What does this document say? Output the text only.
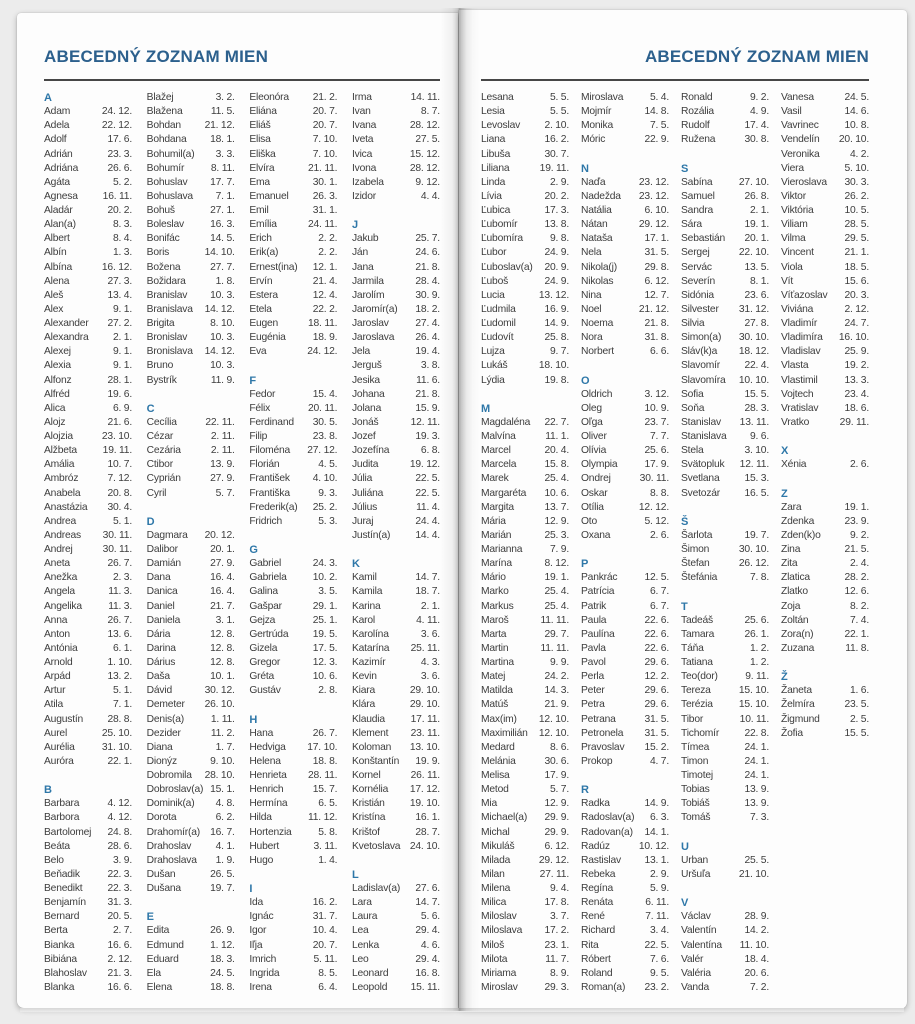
ABECEDNÝ ZOZNAM MIEN
A
Adam	24. 12.
Adela	22. 12.
Adolf	17. 6.
Adrián	23. 3.
Adriána	26. 6.
Agáta	5. 2.
Agnesa 16. 11.
Aladár	20. 2.
Alan(a)	8. 3.
Albert	8. 4.
Albín	1. 3.
Albína	16. 12.
Alena	27. 3.
Aleš	13. 4.
Alex	9. 1.
Alexander 27. 2.
Alexandra 2. 1.
Alexej	9. 1.
Alexia	9. 1.
Alfonz	28. 1.
Alfréd	19. 6.
Alica	6. 9.
Alojz	21. 6.
Alojzia	23. 10.
Alžbeta 19. 11.
Amália	10. 7.
Ambróz	7. 12.
Anabela	20. 8.
Anastázia 30. 4.
Andrea	5. 1.
Andreas 30. 11.
Andrej	30. 11.
Aneta	26. 7.
Anežka	2. 3.
Angela	11. 3.
Angelika	11. 3.
Anna	26. 7.
Anton	13. 6.
Antónia	6. 1.
Arnold	1. 10.
Arpád	13. 2.
Artur	5. 1.
Atila	7. 1.
Augustín 28. 8.
Aurel	25. 10.
Aurélia	31. 10.
Auróra	22. 1.
B
Barbara	4. 12.
Barbora	4. 12.
Bartolomej 24. 8.
Beáta	28. 6.
Belo	3. 9.
Beňadik	22. 3.
Benedikt 22. 3.
Benjamín 31. 3.
Bernard	20. 5.
Berta	2. 7.
Bianka	16. 6.
Bibiána	2. 12.
Blahoslav 21. 3.
Blanka	16. 6.
Blažej	3. 2.
Blažena	11. 5.
Bohdan 21. 12.
Bohdana 18. 1.
Bohumil(a) 3. 3.
Bohumír	8. 11.
Bohuslav 17. 7.
Bohuslava 7. 1.
Bohuš	27. 1.
Boleslav	16. 3.
Bonifác	14. 5.
Boris	14. 10.
Božena	27. 7.
Božidara	1. 8.
Branislav 10. 3.
Branislava 14. 12.
Brigita	8. 10.
Bronislav 10. 3.
Bronislava 14. 12.
Bruno	10. 3.
Bystrík	11. 9.
C
Cecília	22. 11.
Cézar	2. 11.
Cezária	2. 11.
Ctibor	13. 9.
Cyprián	27. 9.
Cyril	5. 7.
D
Dagmara 20. 12.
Dalibor	20. 1.
Damián	27. 9.
Dana	16. 4.
Danica	16. 4.
Daniel	21. 7.
Daniela	3. 1.
Dária	12. 8.
Darina	12. 8.
Dárius	12. 8.
Daša	10. 1.
Dávid	30. 12.
Demeter 26. 10.
Denis(a)	1. 11.
Dezider	11. 2.
Diana	1. 7.
Dionýz	9. 10.
Dobromila 28. 10.
Dobroslav(a) 15. 1.
Dominik(a) 4. 8.
Dorota	6. 2.
Drahomír(a) 16. 7.
Drahoslav 4. 1.
Drahoslava 1. 9.
Dušan	26. 5.
Dušana	19. 7.
E
Edita	26. 9.
Edmund	1. 12.
Eduard	18. 3.
Ela	24. 5.
Elena	18. 8.
Eleonóra 21. 2.
Eliána	20. 7.
Eliáš	20. 7.
Elisa	7. 10.
Eliška	7. 10.
Elvíra	21. 11.
Ema	30. 1.
Emanuel 26. 3.
Emil	31. 1.
Emília	24. 11.
Erich	2. 2.
Erik(a)	2. 2.
Ernest(ina) 12. 1.
Ervín	21. 4.
Estera	12. 4.
Etela	22. 2.
Eugen	18. 11.
Eugénia	18. 9.
Eva	24. 12.
F
Fedor	15. 4.
Félix	20. 11.
Ferdinand 30. 5.
Filip	23. 8.
Filoména 27. 12.
Florián	4. 5.
František 4. 10.
Františka	9. 3.
Frederik(a) 25. 2.
Fridrich	5. 3.
G
Gabriel	24. 3.
Gabriela	10. 2.
Galina	3. 5.
Gašpar	29. 1.
Gejza	25. 1.
Gertrúda 19. 5.
Gizela	17. 5.
Gregor	12. 3.
Gréta	10. 6.
Gustáv	2. 8.
H
Hana	26. 7.
Hedviga 17. 10.
Helena	18. 8.
Henrieta 28. 11.
Henrich	15. 7.
Hermína	6. 5.
Hilda	11. 12.
Hortenzia	5. 8.
Hubert	3. 11.
Hugo	1. 4.
I
Ida	16. 2.
Ignác	31. 7.
Igor	10. 4.
Iľja	20. 7.
Imrich	5. 11.
Ingrida	8. 5.
Irena	6. 4.
Irma	14. 11.
Ivan	8. 7.
Ivana	28. 12.
Iveta	27. 5.
Ivica	15. 12.
Ivona	28. 12.
Izabela	9. 12.
Izidor	4. 4.
J
Jakub	25. 7.
Ján	24. 6.
Jana	21. 8.
Jarmila	28. 4.
Jarolím	30. 9.
Jaromír(a) 18. 2.
Jaroslav	27. 4.
Jaroslava 26. 4.
Jela	19. 4.
Jerguš	3. 8.
Jesika	11. 6.
Johana	21. 8.
Jolana	15. 9.
Jonáš	12. 11.
Jozef	19. 3.
Jozefína	6. 8.
Judita	19. 12.
Júlia	22. 5.
Juliána	22. 5.
Július	11. 4.
Juraj	24. 4.
Justín(a) 14. 4.
K
Kamil	14. 7.
Kamila	18. 7.
Karina	2. 1.
Karol	4. 11.
Karolína	3. 6.
Katarína 25. 11.
Kazimír	4. 3.
Kevin	3. 6.
Kiara	29. 10.
Klára	29. 10.
Klaudia 17. 11.
Klement 23. 11.
Koloman 13. 10.
Konštantín 19. 9.
Kornel	26. 11.
Kornélia 17. 12.
Kristián 19. 10.
Kristína	16. 1.
Krištof	28. 7.
Kvetoslava 24. 10.
L
Ladislav(a) 27. 6.
Lara	14. 7.
Laura	5. 6.
Lea	29. 4.
Lenka	4. 6.
Leo	29. 4.
Leonard	16. 8.
Leopold 15. 11.
ABECEDNÝ ZOZNAM MIEN
Lesana	5. 5.
Lesia	5. 5.
Levoslav 2. 10.
Liana	16. 2.
Libuša	30. 7.
Liliana	19. 11.
Linda	2. 9.
Lívia	20. 2.
Ľubica	17. 3.
Ľubomír	13. 8.
Ľubomíra	9. 8.
Ľubor	24. 9.
Ľuboslav(a) 20. 9.
Ľuboš	24. 9.
Lucia	13. 12.
Ľudmila	16. 9.
Ľudomil	14. 9.
Ľudovít	25. 8.
Lujza	9. 7.
Lukáš	18. 10.
Lýdia	19. 8.
M
Magdaléna 22. 7.
Malvína	11. 1.
Marcel	20. 4.
Marcela	15. 8.
Marek	25. 4.
Margaréta 10. 6.
Margita	13. 7.
Mária	12. 9.
Marián	25. 3.
Marianna	7. 9.
Marína	8. 12.
Mário	19. 1.
Marko	25. 4.
Markus	25. 4.
Maroš	11. 11.
Marta	29. 7.
Martin	11. 11.
Martina	9. 9.
Matej	24. 2.
Matilda	14. 3.
Matúš	21. 9.
Max(im) 12. 10.
Maximilián 12. 10.
Medard	8. 6.
Melánia	30. 6.
Melisa	17. 9.
Metod	5. 7.
Mia	12. 9.
Michael(a) 29. 9.
Michal	29. 9.
Mikuláš	6. 12.
Milada	29. 12.
Milan	27. 11.
Milena	9. 4.
Milica	17. 8.
Miloslav	3. 7.
Miloslava 17. 2.
Miloš	23. 1.
Milota	11. 7.
Miriama	8. 9.
Miroslav	29. 3.
Miroslava	5. 4.
Mojmír	14. 8.
Monika	7. 5.
Móric	22. 9.
N
Naďa	23. 12.
Nadežda 23. 12.
Natália	6. 10.
Nátan	29. 12.
Nataša	17. 1.
Nela	31. 5.
Nikola(j)	29. 8.
Nikolas	6. 12.
Nina	12. 7.
Noel	21. 12.
Noema	21. 8.
Nora	31. 8.
Norbert	6. 6.
O
Oldrich	3. 12.
Oleg	10. 9.
Oľga	23. 7.
Oliver	7. 7.
Olívia	25. 6.
Olympia	17. 9.
Ondrej	30. 11.
Oskar	8. 8.
Otília	12. 12.
Oto	5. 12.
Oxana	2. 6.
P
Pankrác	12. 5.
Patrícia	6. 7.
Patrik	6. 7.
Paula	22. 6.
Paulína	22. 6.
Pavla	22. 6.
Pavol	29. 6.
Perla	12. 2.
Peter	29. 6.
Petra	29. 6.
Petrana	31. 5.
Petronela 31. 5.
Pravoslav 15. 2.
Prokop	4. 7.
R
Radka	14. 9.
Radoslav(a) 6. 3.
Radovan(a) 14. 1.
Radúz	10. 12.
Rastislav 13. 1.
Rebeka	2. 9.
Regína	5. 9.
Renáta	6. 11.
René	7. 11.
Richard	3. 4.
Rita	22. 5.
Róbert	7. 6.
Roland	9. 5.
Roman(a) 23. 2.
Ronald	9. 2.
Rozália	4. 9.
Rudolf	17. 4.
Ružena	30. 8.
S
Sabína	27. 10.
Samuel	26. 8.
Sandra	2. 1.
Sára	19. 1.
Sebastián 20. 1.
Sergej	22. 10.
Servác	13. 5.
Severín	8. 1.
Sidónia	23. 6.
Silvester 31. 12.
Silvia	27. 8.
Simon(a) 30. 10.
Sláv(k)a 18. 12.
Slavomír 22. 4.
Slavomíra 10. 10.
Sofia	15. 5.
Soňa	28. 3.
Stanislav 13. 11.
Stanislava 9. 6.
Stela	3. 10.
Svätopluk 12. 11.
Svetlana 15. 3.
Svetozár 16. 5.
Š
Šarlota	19. 7.
Šimon	30. 10.
Štefan	26. 12.
Štefánia	7. 8.
T
Tadeáš	25. 6.
Tamara	26. 1.
Táňa	1. 2.
Tatiana	1. 2.
Teo(dor)	9. 11.
Tereza	15. 10.
Terézia	15. 10.
Tibor	10. 11.
Tichomír 22. 8.
Tímea	24. 1.
Timon	24. 1.
Timotej	24. 1.
Tobias	13. 9.
Tobiáš	13. 9.
Tomáš	7. 3.
U
Urban	25. 5.
Uršuľa	21. 10.
V
Václav	28. 9.
Valentín	14. 2.
Valentína 11. 10.
Valér	18. 4.
Valéria	20. 6.
Vanda	7. 2.
Vanesa	24. 5.
Vasil	14. 6.
Vavrinec 10. 8.
Vendelín 20. 10.
Veronika	4. 2.
Viera	5. 10.
Vieroslava 30. 3.
Viktor	26. 2.
Viktória	10. 5.
Viliam	28. 5.
Vilma	29. 5.
Vincent	21. 1.
Viola	18. 5.
Vít	15. 6.
Víťazoslav 20. 3.
Viviána	2. 12.
Vladimír	24. 7.
Vladimíra 16. 10.
Vladislav 25. 9.
Vlasta	19. 2.
Vlastimil	13. 3.
Vojtech	23. 4.
Vratislav	18. 6.
Vratko	29. 11.
X
Xénia	2. 6.
Z
Zara	19. 1.
Zdenka	23. 9.
Zden(k)o	9. 2.
Zina	21. 5.
Zita	2. 4.
Zlatica	28. 2.
Zlatko	12. 6.
Zoja	8. 2.
Zoltán	7. 4.
Zora(n)	22. 1.
Zuzana	11. 8.
Ž
Žaneta	1. 6.
Želmíra	23. 5.
Žigmund	2. 5.
Žofia	15. 5.
